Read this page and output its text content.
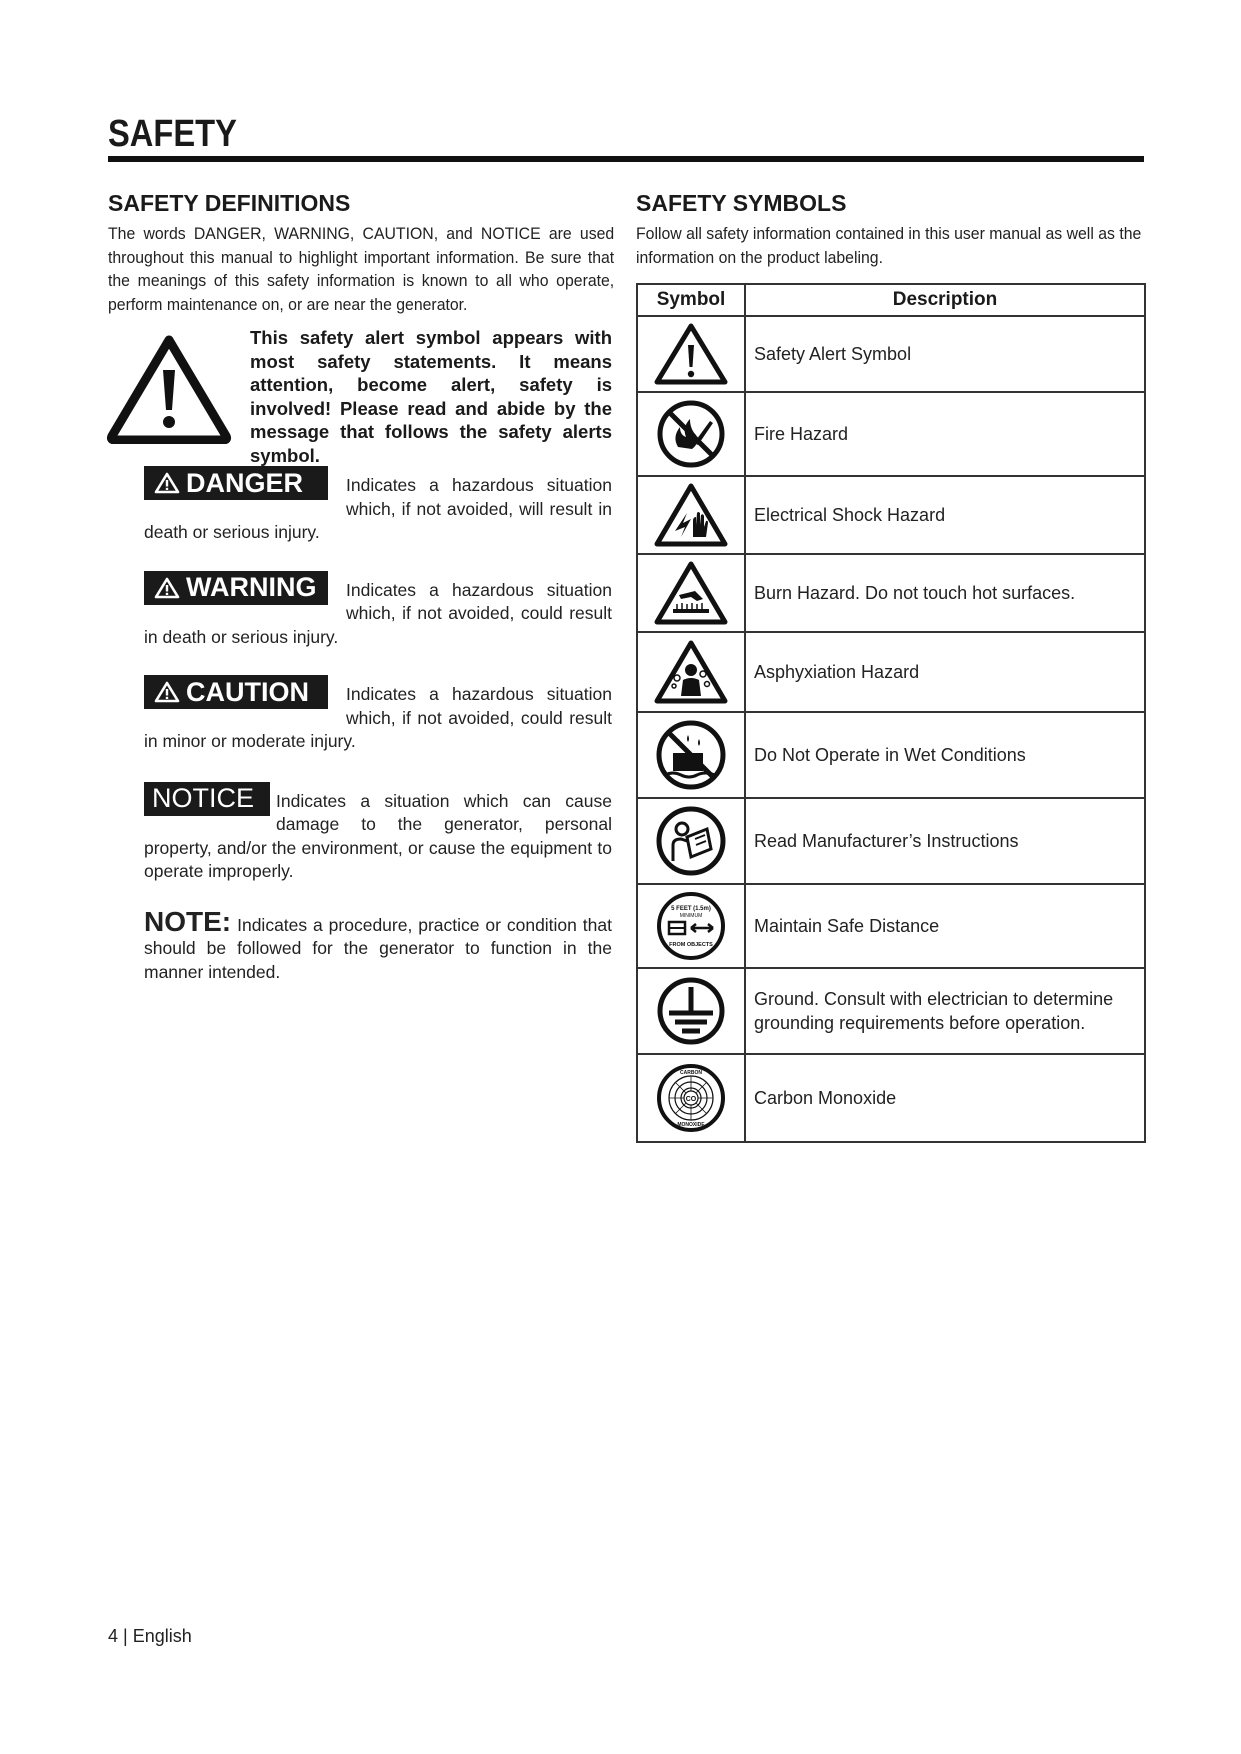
SAFETY
SAFETY DEFINITIONS

The words DANGER, WARNING, CAUTION, and NOTICE are used throughout this manual to highlight important information. Be sure that the meanings of this safety information is known to all who operate, perform maintenance on, or are near the generator.

This safety alert symbol appears with most safety statements. It means attention, become alert, safety is involved! Please read and abide by the message that follows the safety alerts symbol.
DANGER	Indicates a hazardous situation which, if not avoided, will result in death or serious injury.
WARNING	Indicates a hazardous situation which, if not avoided, could result in death or serious injury.
CAUTION	Indicates a hazardous situation which, if not avoided, could result in minor or moderate injury.
NOTICE	Indicates a situation which can cause damage to the generator, personal property, and/or the environment, or cause the equipment to operate improperly.
NOTE: Indicates a procedure, practice or condition that should be followed for the generator to function in the manner intended.
SAFETY SYMBOLS

Follow all safety information contained in this user manual as well as the information on the product labeling.

Symbol	Description

	Safety Alert Symbol

	Fire Hazard

	Electrical Shock Hazard

	Burn Hazard. Do not touch hot surfaces.

	Asphyxiation Hazard

	Do Not Operate in Wet Conditions

	Read Manufacturer’s Instructions

5 FEET (1.5m)
MINIMUM
FROM OBJECTS	Maintain Safe Distance

	Ground. Consult with electrician to determine grounding requirements before operation.

CO
CARBON
MONOXIDE	Carbon Monoxide
4 | English
